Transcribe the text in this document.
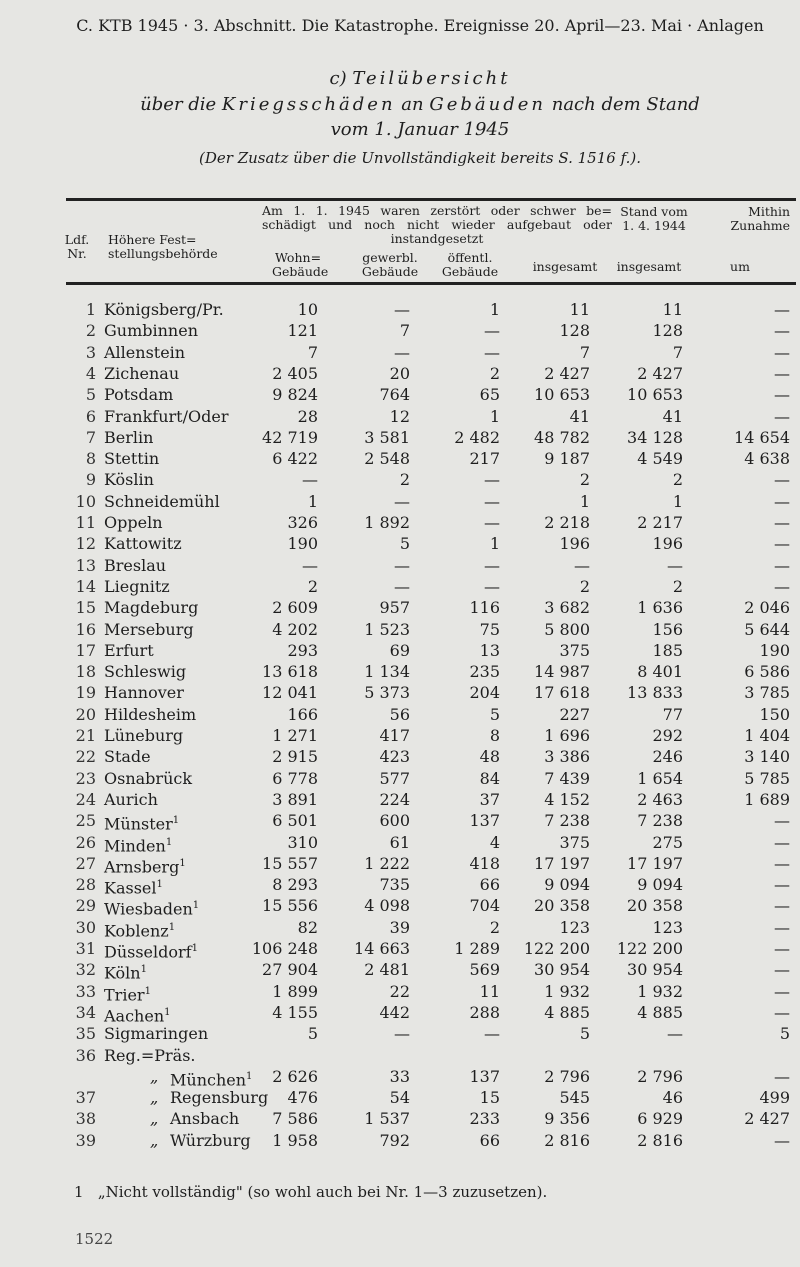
C. KTB 1945 · 3. Abschnitt. Die Katastrophe. Ereignisse 20. April—23. Mai · Anlagen
c) Teilübersicht
über die Kriegsschäden an Gebäuden nach dem Stand
vom 1. Januar 1945
(Der Zusatz über die Unvollständigkeit bereits S. 1516 f.).
Ldf.
Nr.
Höhere Fest=
stellungsbehörde
Am 1. 1. 1945 waren zerstört oder schwer be= schädigt und noch nicht wieder aufgebaut oder instandgesetzt
Wohn= Gebäude
gewerbl. Gebäude
öffentl. Gebäude	insgesamt
Stand vom 1. 4. 1944
insgesamt
Mithin Zunahme
um
1 Königsberg/Pr.	10	—	1	11	11	—
2 Gumbinnen	121	7	—	128	128	—
3 Allenstein	7	—	—	7	7	—
4 Zichenau	2 405	20	2	2 427	2 427	—
5 Potsdam	9 824	764	65	10 653	10 653	—
6 Frankfurt/Oder	28	12	1	41	41	—
7 Berlin	42 719	3 581	2 482	48 782	34 128	14 654
8 Stettin	6 422	2 548	217	9 187	4 549	4 638
9 Köslin	—	2	—	2	2	—
10 Schneidemühl	1	—	—	1	1	—
11 Oppeln	326	1 892	—	2 218	2 217	—
12 Kattowitz	190	5	1	196	196	—
13 Breslau	—	—	—	—	—	—
14 Liegnitz	2	—	—	2	2	—
15 Magdeburg	2 609	957	116	3 682	1 636	2 046
16 Merseburg	4 202	1 523	75	5 800	156	5 644
17 Erfurt	293	69	13	375	185	190
18 Schleswig	13 618	1 134	235	14 987	8 401	6 586
19 Hannover	12 041	5 373	204	17 618	13 833	3 785
20 Hildesheim	166	56	5	227	77	150
21 Lüneburg	1 271	417	8	1 696	292	1 404
22 Stade	2 915	423	48	3 386	246	3 140
23 Osnabrück	6 778	577	84	7 439	1 654	5 785
24 Aurich	3 891	224	37	4 152	2 463	1 689
25 Münster$^1$	6 501	600	137	7 238	7 238	—
26 Minden$^1$	310	61	4	375	275	—
27 Arnsberg$^1$	15 557	1 222	418	17 197	17 197	—
28 Kassel$^1$	8 293	735	66	9 094	9 094	—
29 Wiesbaden$^1$	15 556	4 098	704	20 358	20 358	—
30 Koblenz$^1$	82	39	2	123	123	—
31 Düsseldorf$^1$	106 248	14 663	1 289	122 200	122 200	—
32 Köln$^1$	27 904	2 481	569	30 954	30 954	—
33 Trier$^1$	1 899	22	11	1 932	1 932	—
34 Aachen$^1$	4 155	442	288	4 885	4 885	—
35 Sigmaringen	5	—	—	5	—	5
36 Reg.=Präs.
„ München$^1$	2 626	33	137	2 796	2 796	—
37	„ Regensburg	476	54	15	545	46	499
38	„ Ansbach	7 586	1 537	233	9 356	6 929	2 427
39	„ Würzburg	1 958	792	66	2 816	2 816	—
1 „Nicht vollständig" (so wohl auch bei Nr. 1—3 zuzusetzen).
1522
